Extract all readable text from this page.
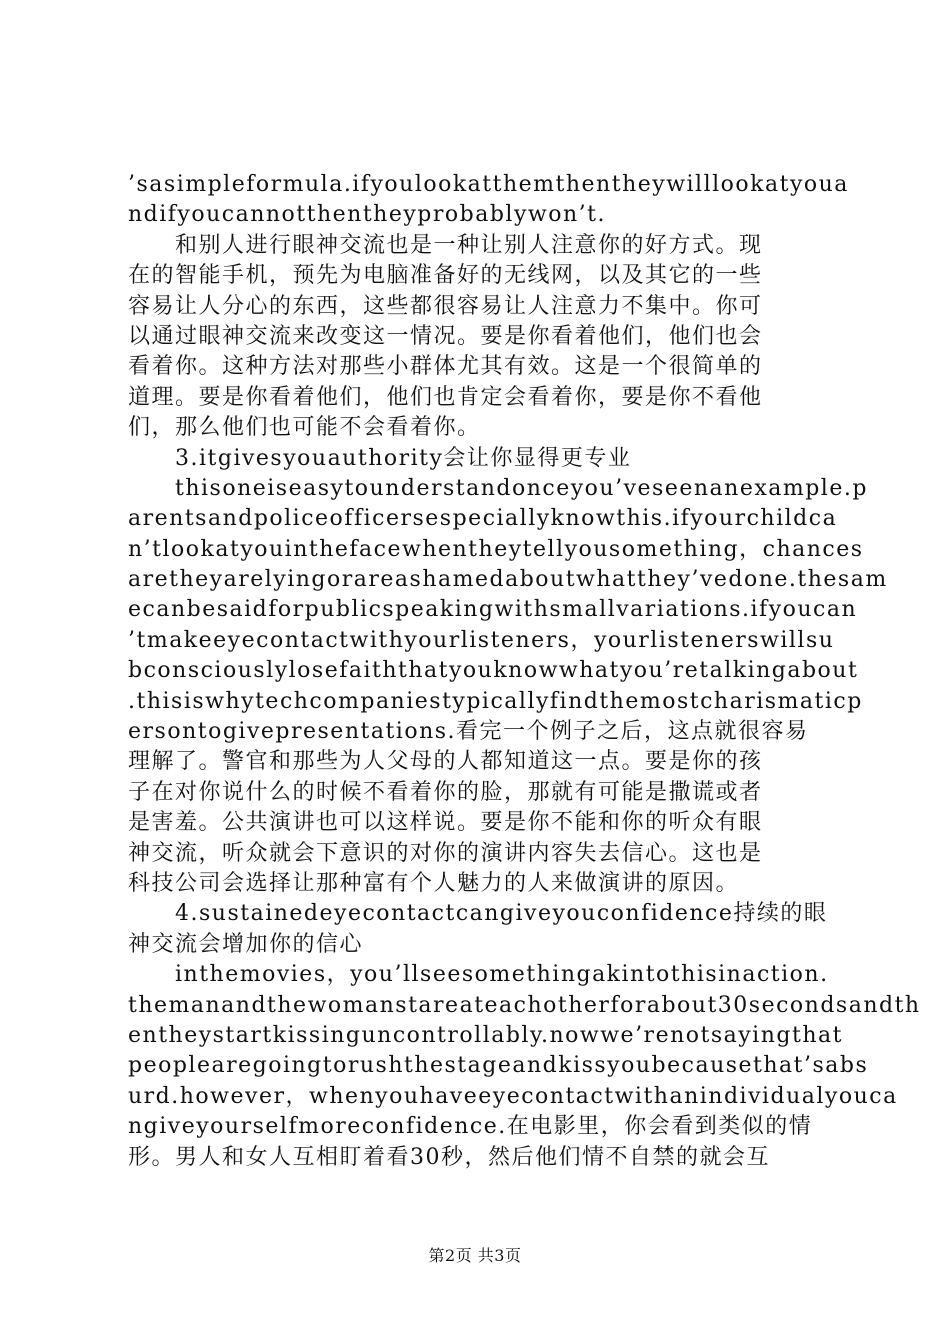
’sasimpleformula.ifyoulookatthemthentheywilllookatyoua
ndifyoucannotthentheyprobablywon’t.
　　和别人进行眼神交流也是一种让别人注意你的好方式。现
在的智能手机，预先为电脑准备好的无线网，以及其它的一些
容易让人分心的东西，这些都很容易让人注意力不集中。你可
以通过眼神交流来改变这一情况。要是你看着他们，他们也会
看着你。这种方法对那些小群体尤其有效。这是一个很简单的
道理。要是你看着他们，他们也肯定会看着你，要是你不看他
们，那么他们也可能不会看着你。
　　3.itgivesyouauthority会让你显得更专业
　　thisoneiseasytounderstandonceyou’veseenanexample.p
arentsandpoliceofficersespeciallyknowthis.ifyourchildca
n’tlookatyouinthefacewhentheytellyousomething，chances
aretheyarelyingorareashamedaboutwhatthey’vedone.thesam
ecanbesaidforpublicspeakingwithsmallvariations.ifyoucan
’tmakeeyecontactwithyourlisteners，yourlistenerswillsu
bconsciouslylosefaiththatyouknowwhatyou’retalkingabout
.thisiswhytechcompaniestypicallyfindthemostcharismaticp
ersontogivepresentations.看完一个例子之后，这点就很容易
理解了。警官和那些为人父母的人都知道这一点。要是你的孩
子在对你说什么的时候不看着你的脸，那就有可能是撒谎或者
是害羞。公共演讲也可以这样说。要是你不能和你的听众有眼
神交流，听众就会下意识的对你的演讲内容失去信心。这也是
科技公司会选择让那种富有个人魅力的人来做演讲的原因。
　　4.sustainedeyecontactcangiveyouconfidence持续的眼
神交流会增加你的信心
　　inthemovies，you’llseesomethingakintothisinaction.
themanandthewomanstareateachotherforabout30secondsandth
entheystartkissinguncontrollably.nowwe’renotsayingthat
peoplearegoingtorushthestageandkissyoubecausethat’sabs
urd.however，whenyouhaveeyecontactwithanindividualyouca
ngiveyourselfmoreconfidence.在电影里，你会看到类似的情
形。男人和女人互相盯着看30秒，然后他们情不自禁的就会互
第2页 共3页
